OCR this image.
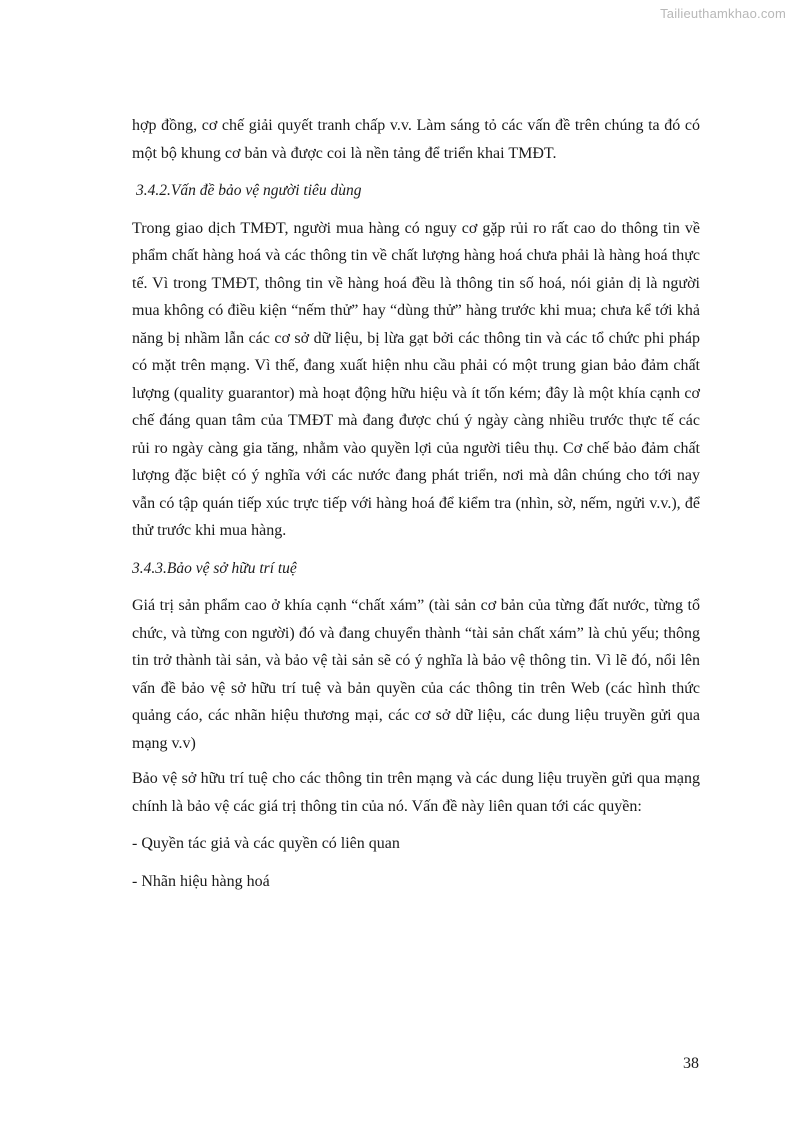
Tailieuthamkhao.com

hợp đồng, cơ chế giải quyết tranh chấp v.v. Làm sáng tỏ các vấn đề trên chúng ta đó có một bộ khung cơ bản và được coi là nền tảng để triển khai TMĐT.

3.4.2.Vấn đề bảo vệ người tiêu dùng

Trong giao dịch TMĐT, người mua hàng có nguy cơ gặp rủi ro rất cao do thông tin về phẩm chất hàng hoá và các thông tin về chất lượng hàng hoá chưa phải là hàng hoá thực tế. Vì trong TMĐT, thông tin về hàng hoá đều là thông tin số hoá, nói giản dị là người mua không có điều kiện “nếm thử” hay “dùng thử” hàng trước khi mua; chưa kể tới khả năng bị nhầm lẫn các cơ sở dữ liệu, bị lừa gạt bởi các thông tin và các tổ chức phi pháp có mặt trên mạng. Vì thế, đang xuất hiện nhu cầu phải có một trung gian bảo đảm chất lượng (quality guarantor) mà hoạt động hữu hiệu và ít tốn kém; đây là một khía cạnh cơ chế đáng quan tâm của TMĐT mà đang được chú ý ngày càng nhiều trước thực tế các rủi ro ngày càng gia tăng, nhằm vào quyền lợi của người tiêu thụ. Cơ chế bảo đảm chất lượng đặc biệt có ý nghĩa với các nước đang phát triển, nơi mà dân chúng cho tới nay vẫn có tập quán tiếp xúc trực tiếp với hàng hoá để kiểm tra (nhìn, sờ, nếm, ngửi v.v.), để thử trước khi mua hàng.

3.4.3.Bảo vệ sở hữu trí tuệ

Giá trị sản phẩm cao ở khía cạnh “chất xám” (tài sản cơ bản của từng đất nước, từng tổ chức, và từng con người) đó và đang chuyển thành “tài sản chất xám” là chủ yếu; thông tin trở thành tài sản, và bảo vệ tài sản sẽ có ý nghĩa là bảo vệ thông tin. Vì lẽ đó, nổi lên vấn đề bảo vệ sở hữu trí tuệ và bản quyền của các thông tin trên Web (các hình thức quảng cáo, các nhãn hiệu thương mại, các cơ sở dữ liệu, các dung liệu truyền gửi qua mạng v.v)

Bảo vệ sở hữu trí tuệ cho các thông tin trên mạng và các dung liệu truyền gửi qua mạng chính là bảo vệ các giá trị thông tin của nó. Vấn đề này liên quan tới các quyền:

- Quyền tác giả và các quyền có liên quan

- Nhãn hiệu hàng hoá

38
